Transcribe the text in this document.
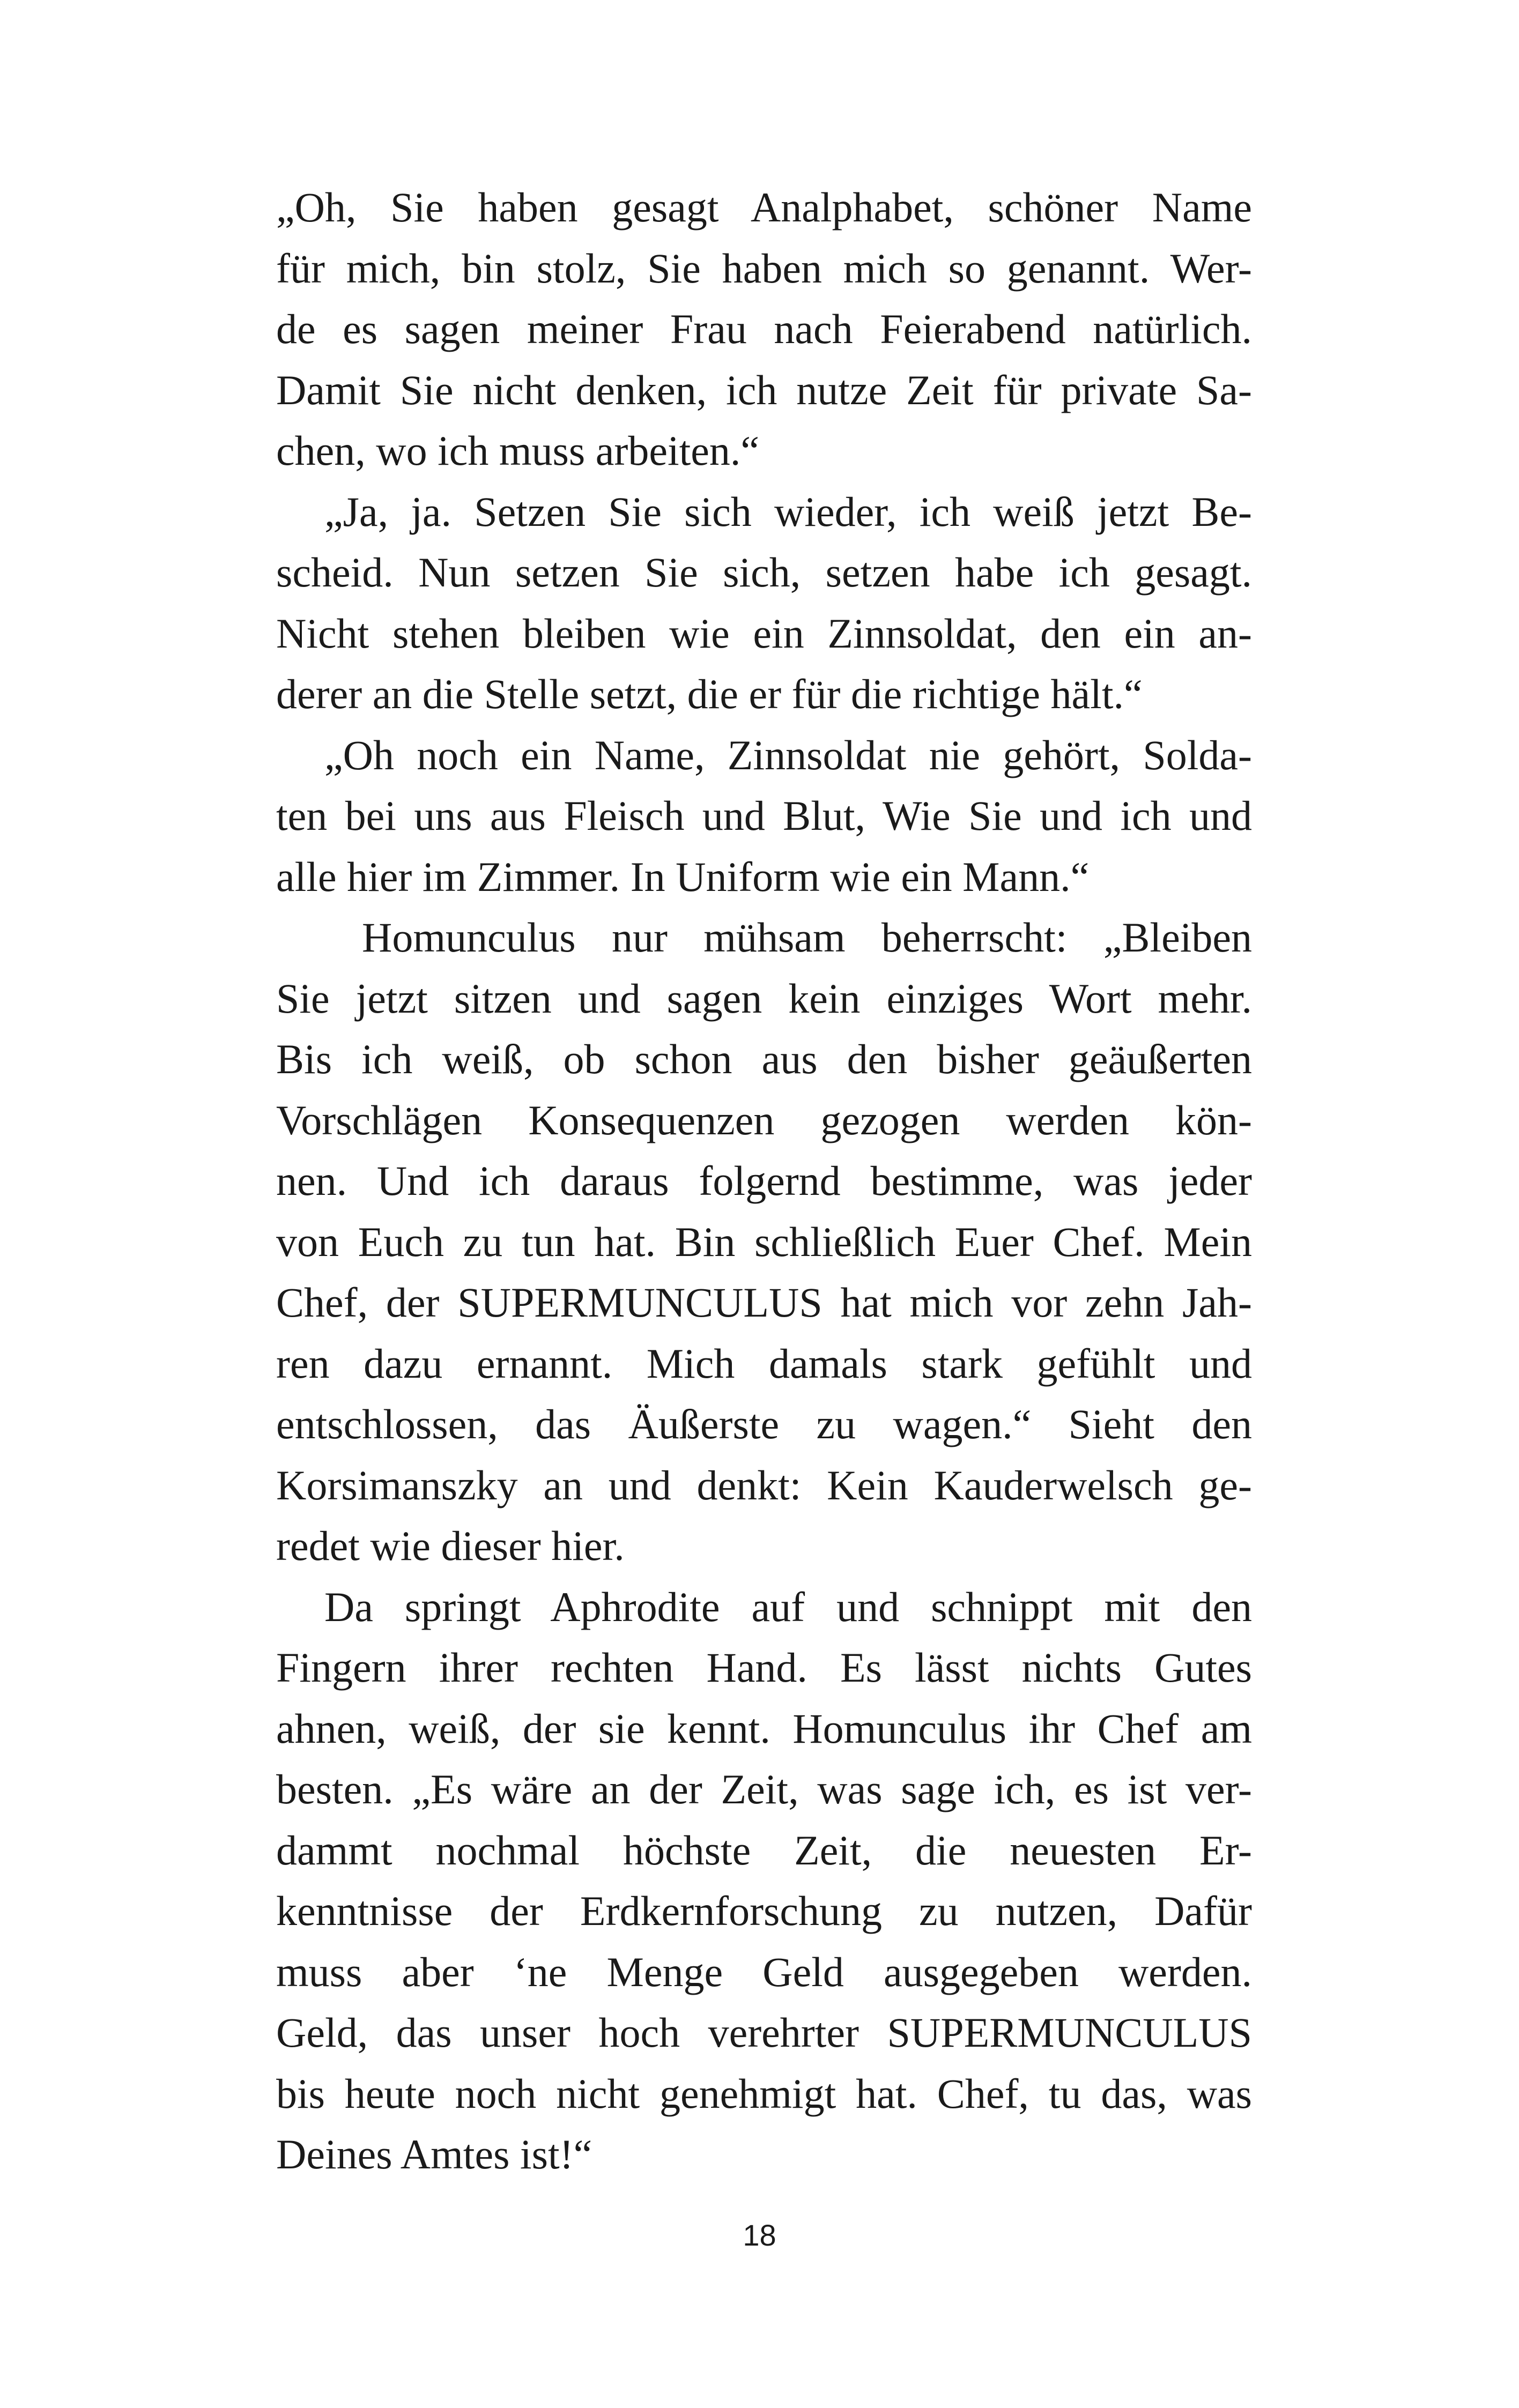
„Oh, Sie haben gesagt Analphabet, schöner Name
für mich, bin stolz, Sie haben mich so genannt. Wer-
de es sagen meiner Frau nach Feierabend natürlich.
Damit Sie nicht denken, ich nutze Zeit für private Sa-
chen, wo ich muss arbeiten.“
„Ja, ja. Setzen Sie sich wieder, ich weiß jetzt Be-
scheid. Nun setzen Sie sich, setzen habe ich gesagt.
Nicht stehen bleiben wie ein Zinnsoldat, den ein an-
derer an die Stelle setzt, die er für die richtige hält.“
„Oh noch ein Name, Zinnsoldat nie gehört, Solda-
ten bei uns aus Fleisch und Blut, Wie Sie und ich und
alle hier im Zimmer. In Uniform wie ein Mann.“
Homunculus nur mühsam beherrscht: „Bleiben
Sie jetzt sitzen und sagen kein einziges Wort mehr.
Bis ich weiß, ob schon aus den bisher geäußerten
Vorschlägen Konsequenzen gezogen werden kön-
nen. Und ich daraus folgernd bestimme, was jeder
von Euch zu tun hat. Bin schließlich Euer Chef. Mein
Chef, der SUPERMUNCULUS hat mich vor zehn Jah-
ren dazu ernannt. Mich damals stark gefühlt und
entschlossen, das Äußerste zu wagen.“ Sieht den
Korsimanszky an und denkt: Kein Kauderwelsch ge-
redet wie dieser hier.
Da springt Aphrodite auf und schnippt mit den
Fingern ihrer rechten Hand. Es lässt nichts Gutes
ahnen, weiß, der sie kennt. Homunculus ihr Chef am
besten. „Es wäre an der Zeit, was sage ich, es ist ver-
dammt nochmal höchste Zeit, die neuesten Er-
kenntnisse der Erdkernforschung zu nutzen, Dafür
muss aber ‘ne Menge Geld ausgegeben werden.
Geld, das unser hoch verehrter SUPERMUNCULUS
bis heute noch nicht genehmigt hat. Chef, tu das, was
Deines Amtes ist!“
18
